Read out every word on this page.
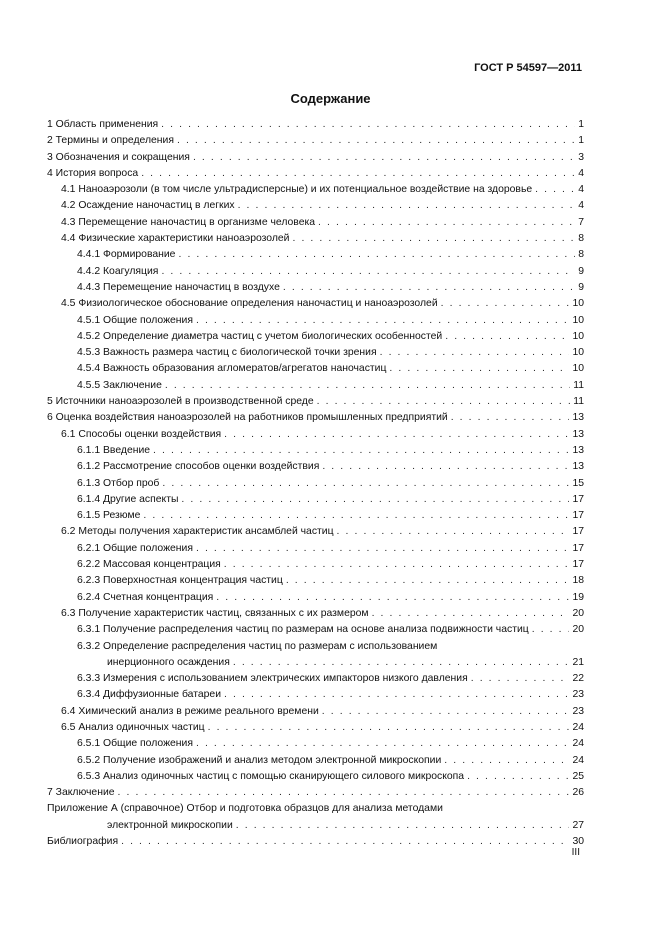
ГОСТ Р 54597—2011
Содержание
1 Область применения . . .	1
2 Термины и определения . . .	1
3 Обозначения и сокращения . . .	3
4 История вопроса . . .	4
4.1 Наноаэрозоли (в том числе ультрадисперсные) и их потенциальное воздействие на здоровье . . .	4
4.2 Осаждение наночастиц в легких . . .	4
4.3 Перемещение наночастиц в организме человека . . .	7
4.4 Физические характеристики наноаэрозолей . . .	8
4.4.1 Формирование . . .	8
4.4.2 Коагуляция . . .	9
4.4.3 Перемещение наночастиц в воздухе . . .	9
4.5 Физиологическое обоснование определения наночастиц и наноаэрозолей . . .	10
4.5.1 Общие положения . . .	10
4.5.2 Определение диаметра частиц с учетом биологических особенностей . . .	10
4.5.3 Важность размера частиц с биологической точки зрения . . .	10
4.5.4 Важность образования агломератов/агрегатов наночастиц . . .	10
4.5.5 Заключение . . .	11
5 Источники наноаэрозолей в производственной среде . . .	11
6 Оценка воздействия наноаэрозолей на работников промышленных предприятий . . .	13
6.1 Способы оценки воздействия . . .	13
6.1.1 Введение . . .	13
6.1.2 Рассмотрение способов оценки воздействия . . .	13
6.1.3 Отбор проб . . .	15
6.1.4 Другие аспекты . . .	17
6.1.5 Резюме . . .	17
6.2 Методы получения характеристик ансамблей частиц . . .	17
6.2.1 Общие положения . . .	17
6.2.2 Массовая концентрация . . .	17
6.2.3 Поверхностная концентрация частиц . . .	18
6.2.4 Счетная концентрация . . .	19
6.3 Получение характеристик частиц, связанных с их размером . . .	20
6.3.1 Получение распределения частиц по размерам на основе анализа подвижности частиц . . .	20
6.3.2 Определение распределения частиц по размерам с использованием
инерционного осаждения . . .	21
6.3.3 Измерения с использованием электрических импакторов низкого давления . . .	22
6.3.4 Диффузионные батареи . . .	23
6.4 Химический анализ в режиме реального времени . . .	23
6.5 Анализ одиночных частиц . . .	24
6.5.1 Общие положения . . .	24
6.5.2 Получение изображений и анализ методом электронной микроскопии . . .	24
6.5.3 Анализ одиночных частиц с помощью сканирующего силового микроскопа . . .	25
7 Заключение . . .	26
Приложение А (справочное) Отбор и подготовка образцов для анализа методами
электронной микроскопии . . .	27
Библиография . . .	30
III
